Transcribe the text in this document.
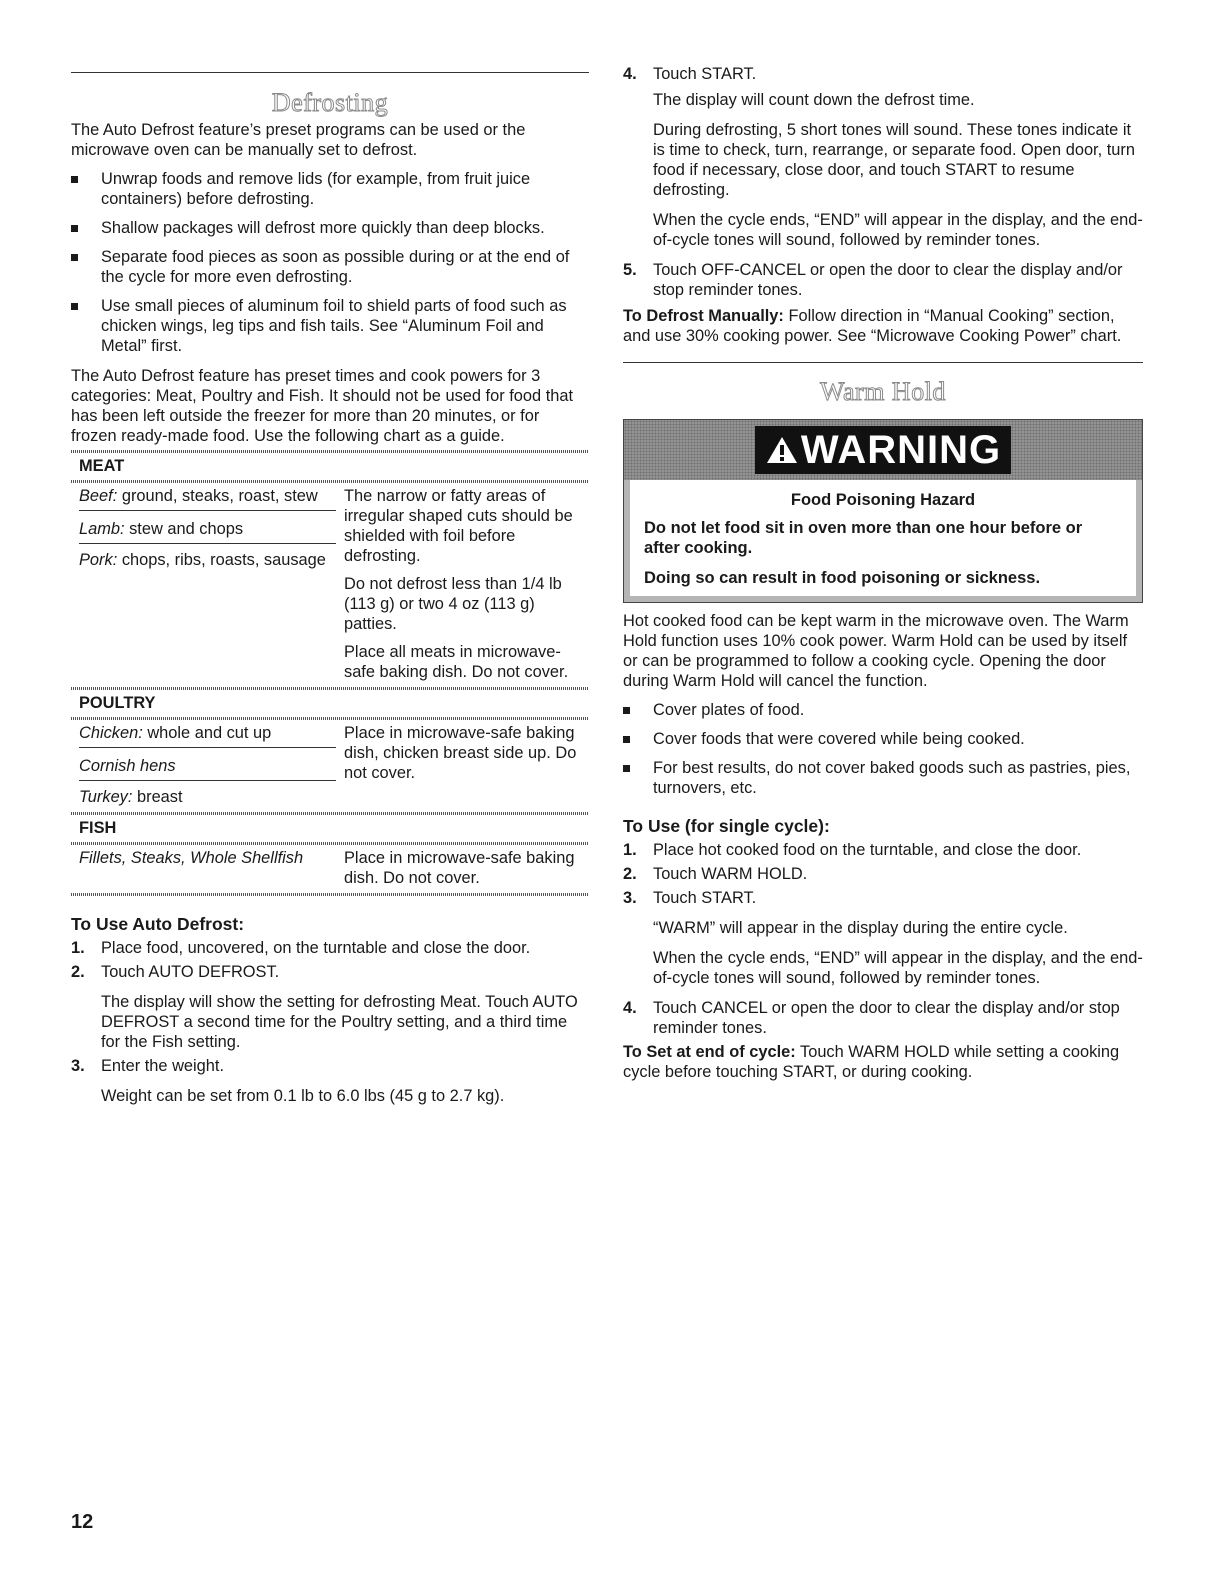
Defrosting

The Auto Defrost feature’s preset programs can be used or the microwave oven can be manually set to defrost.

Unwrap foods and remove lids (for example, from fruit juice containers) before defrosting.
Shallow packages will defrost more quickly than deep blocks.
Separate food pieces as soon as possible during or at the end of the cycle for more even defrosting.
Use small pieces of aluminum foil to shield parts of food such as chicken wings, leg tips and fish tails. See “Aluminum Foil and Metal” first.

The Auto Defrost feature has preset times and cook powers for 3 categories: Meat, Poultry and Fish. It should not be used for food that has been left outside the freezer for more than 20 minutes, or for frozen ready-made food. Use the following chart as a guide.

MEAT
Beef: ground, steaks, roast, stew
Lamb: stew and chops
Pork: chops, ribs, roasts, sausage

The narrow or fatty areas of irregular shaped cuts should be shielded with foil before defrosting.

Do not defrost less than 1/4 lb (113 g) or two 4 oz (113 g) patties.

Place all meats in microwave-safe baking dish. Do not cover.

POULTRY
Chicken: whole and cut up
Cornish hens
Turkey: breast
Place in microwave-safe baking dish, chicken breast side up. Do not cover.
FISH
Fillets, Steaks, Whole Shellfish	Place in microwave-safe baking dish. Do not cover.
To Use Auto Defrost:
1. Place food, uncovered, on the turntable and close the door.
2. Touch AUTO DEFROST.

The display will show the setting for defrosting Meat. Touch AUTO DEFROST a second time for the Poultry setting, and a third time for the Fish setting.

3. Enter the weight.

Weight can be set from 0.1 lb to 6.0 lbs (45 g to 2.7 kg).

4. Touch START.

The display will count down the defrost time.

During defrosting, 5 short tones will sound. These tones indicate it is time to check, turn, rearrange, or separate food. Open door, turn food if necessary, close door, and touch START to resume defrosting.

When the cycle ends, “END” will appear in the display, and the end-of-cycle tones will sound, followed by reminder tones.

5. Touch OFF-CANCEL or open the door to clear the display and/or stop reminder tones.

To Defrost Manually: Follow direction in “Manual Cooking” section, and use 30% cooking power. See “Microwave Cooking Power” chart.

Warm Hold
WARNING
Food Poisoning Hazard
Do not let food sit in oven more than one hour before or after cooking.
Doing so can result in food poisoning or sickness.

Hot cooked food can be kept warm in the microwave oven. The Warm Hold function uses 10% cook power. Warm Hold can be used by itself or can be programmed to follow a cooking cycle. Opening the door during Warm Hold will cancel the function.

Cover plates of food.
Cover foods that were covered while being cooked.
For best results, do not cover baked goods such as pastries, pies, turnovers, etc.
To Use (for single cycle):
1. Place hot cooked food on the turntable, and close the door.
2. Touch WARM HOLD.
3. Touch START.

“WARM” will appear in the display during the entire cycle.

When the cycle ends, “END” will appear in the display, and the end-of-cycle tones will sound, followed by reminder tones.

4. Touch CANCEL or open the door to clear the display and/or stop reminder tones.

To Set at end of cycle: Touch WARM HOLD while setting a cooking cycle before touching START, or during cooking.

12
